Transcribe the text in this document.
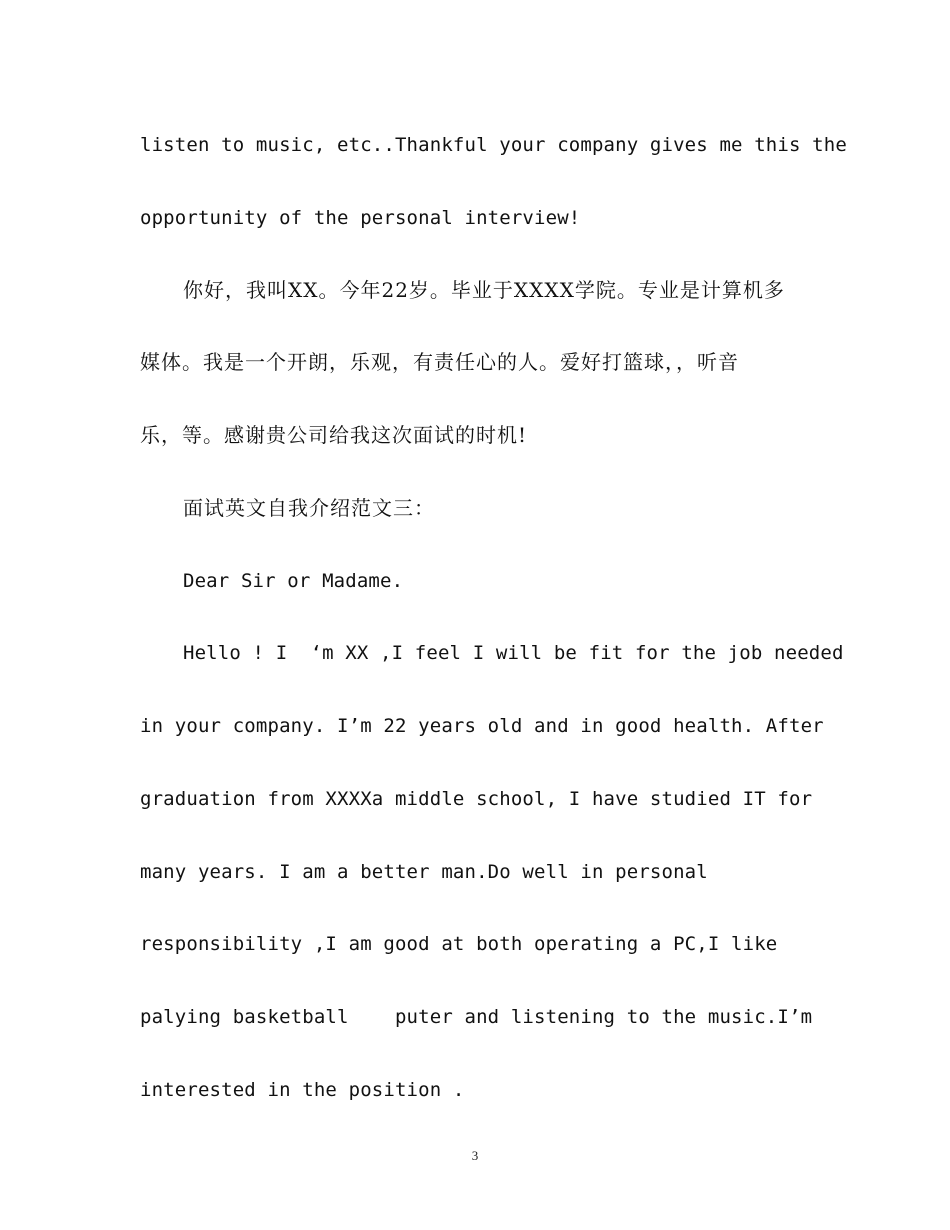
listen to music, etc..Thankful your company gives me this the
opportunity of the personal interview!
你好，我叫XX。今年22岁。毕业于XXXX学院。专业是计算机多
媒体。我是一个开朗，乐观，有责任心的人。爱好打篮球，，听音
乐，等。感谢贵公司给我这次面试的时机!
面试英文自我介绍范文三：
Dear Sir or Madame.
Hello ! I  ‘m XX ,I feel I will be fit for the job needed
in your company. I’m 22 years old and in good health. After
graduation from XXXXa middle school, I have studied IT for
many years. I am a better man.Do well in personal
responsibility ,I am good at both operating a PC,I like
palying basketball    puter and listening to the music.I’m
interested in the position .
3
